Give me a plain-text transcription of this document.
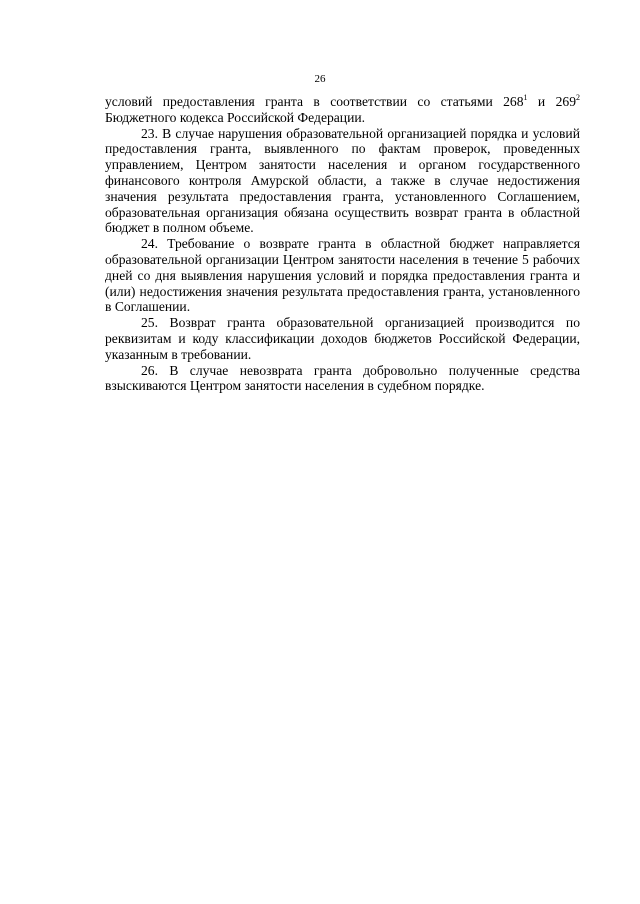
26

условий предоставления гранта в соответствии со статьями $268^1$ и $269^2$ Бюджетного кодекса Российской Федерации.

23. В случае нарушения образовательной организацией порядка и условий предоставления гранта, выявленного по фактам проверок, проведенных управлением, Центром занятости населения и органом государственного финансового контроля Амурской области, а также в случае недостижения значения результата предоставления гранта, установленного Соглашением, образовательная организация обязана осуществить возврат гранта в областной бюджет в полном объеме.

24. Требование о возврате гранта в областной бюджет направляется образовательной организации Центром занятости населения в течение 5 рабочих дней со дня выявления нарушения условий и порядка предоставления гранта и (или) недостижения значения результата предоставления гранта, установленного в Соглашении.

25. Возврат гранта образовательной организацией производится по реквизитам и коду классификации доходов бюджетов Российской Федерации, указанным в требовании.

26. В случае невозврата гранта добровольно полученные средства взыскиваются Центром занятости населения в судебном порядке.
